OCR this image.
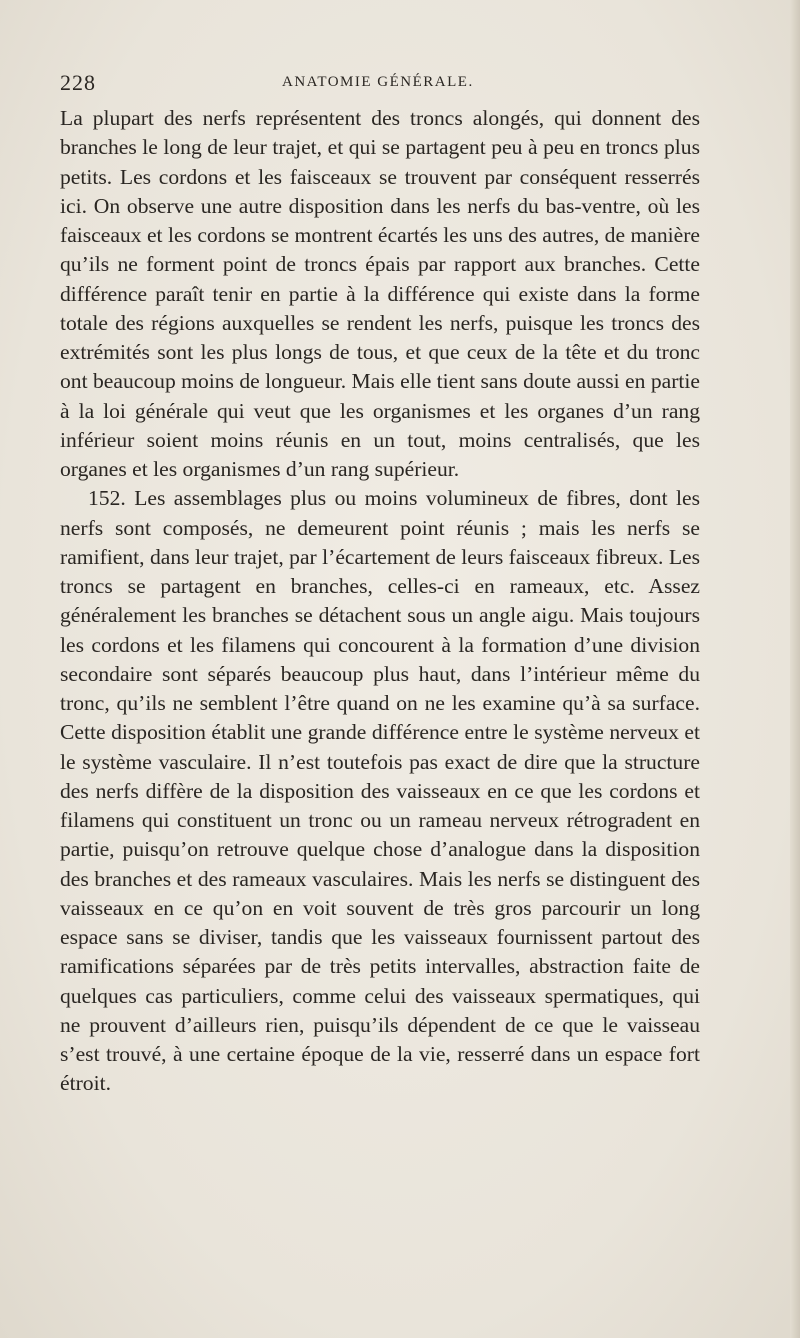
228	ANATOMIE GÉNÉRALE.

La plupart des nerfs représentent des troncs alongés, qui donnent des branches le long de leur trajet, et qui se partagent peu à peu en troncs plus petits. Les cordons et les faisceaux se trouvent par conséquent resserrés ici. On observe une autre disposition dans les nerfs du bas-ventre, où les faisceaux et les cordons se montrent écartés les uns des autres, de manière qu’ils ne forment point de troncs épais par rapport aux branches. Cette différence paraît tenir en partie à la différence qui existe dans la forme totale des régions auxquelles se rendent les nerfs, puisque les troncs des extrémités sont les plus longs de tous, et que ceux de la tête et du tronc ont beaucoup moins de longueur. Mais elle tient sans doute aussi en partie à la loi générale qui veut que les organismes et les organes d’un rang inférieur soient moins réunis en un tout, moins centralisés, que les organes et les organismes d’un rang supérieur.

152. Les assemblages plus ou moins volumineux de fibres, dont les nerfs sont composés, ne demeurent point réunis ; mais les nerfs se ramifient, dans leur trajet, par l’écartement de leurs faisceaux fibreux. Les troncs se partagent en branches, celles-ci en rameaux, etc. Assez généralement les branches se détachent sous un angle aigu. Mais toujours les cordons et les filamens qui concourent à la formation d’une division secondaire sont séparés beaucoup plus haut, dans l’intérieur même du tronc, qu’ils ne semblent l’être quand on ne les examine qu’à sa surface. Cette disposition établit une grande différence entre le système nerveux et le système vasculaire. Il n’est toutefois pas exact de dire que la structure des nerfs diffère de la disposition des vaisseaux en ce que les cordons et filamens qui constituent un tronc ou un rameau nerveux rétrogradent en partie, puisqu’on retrouve quelque chose d’analogue dans la disposition des branches et des rameaux vasculaires. Mais les nerfs se distinguent des vaisseaux en ce qu’on en voit souvent de très gros parcourir un long espace sans se diviser, tandis que les vaisseaux fournissent partout des ramifications séparées par de très petits intervalles, abstraction faite de quelques cas particuliers, comme celui des vaisseaux spermatiques, qui ne prouvent d’ailleurs rien, puisqu’ils dépendent de ce que le vaisseau s’est trouvé, à une certaine époque de la vie, resserré dans un espace fort étroit.
